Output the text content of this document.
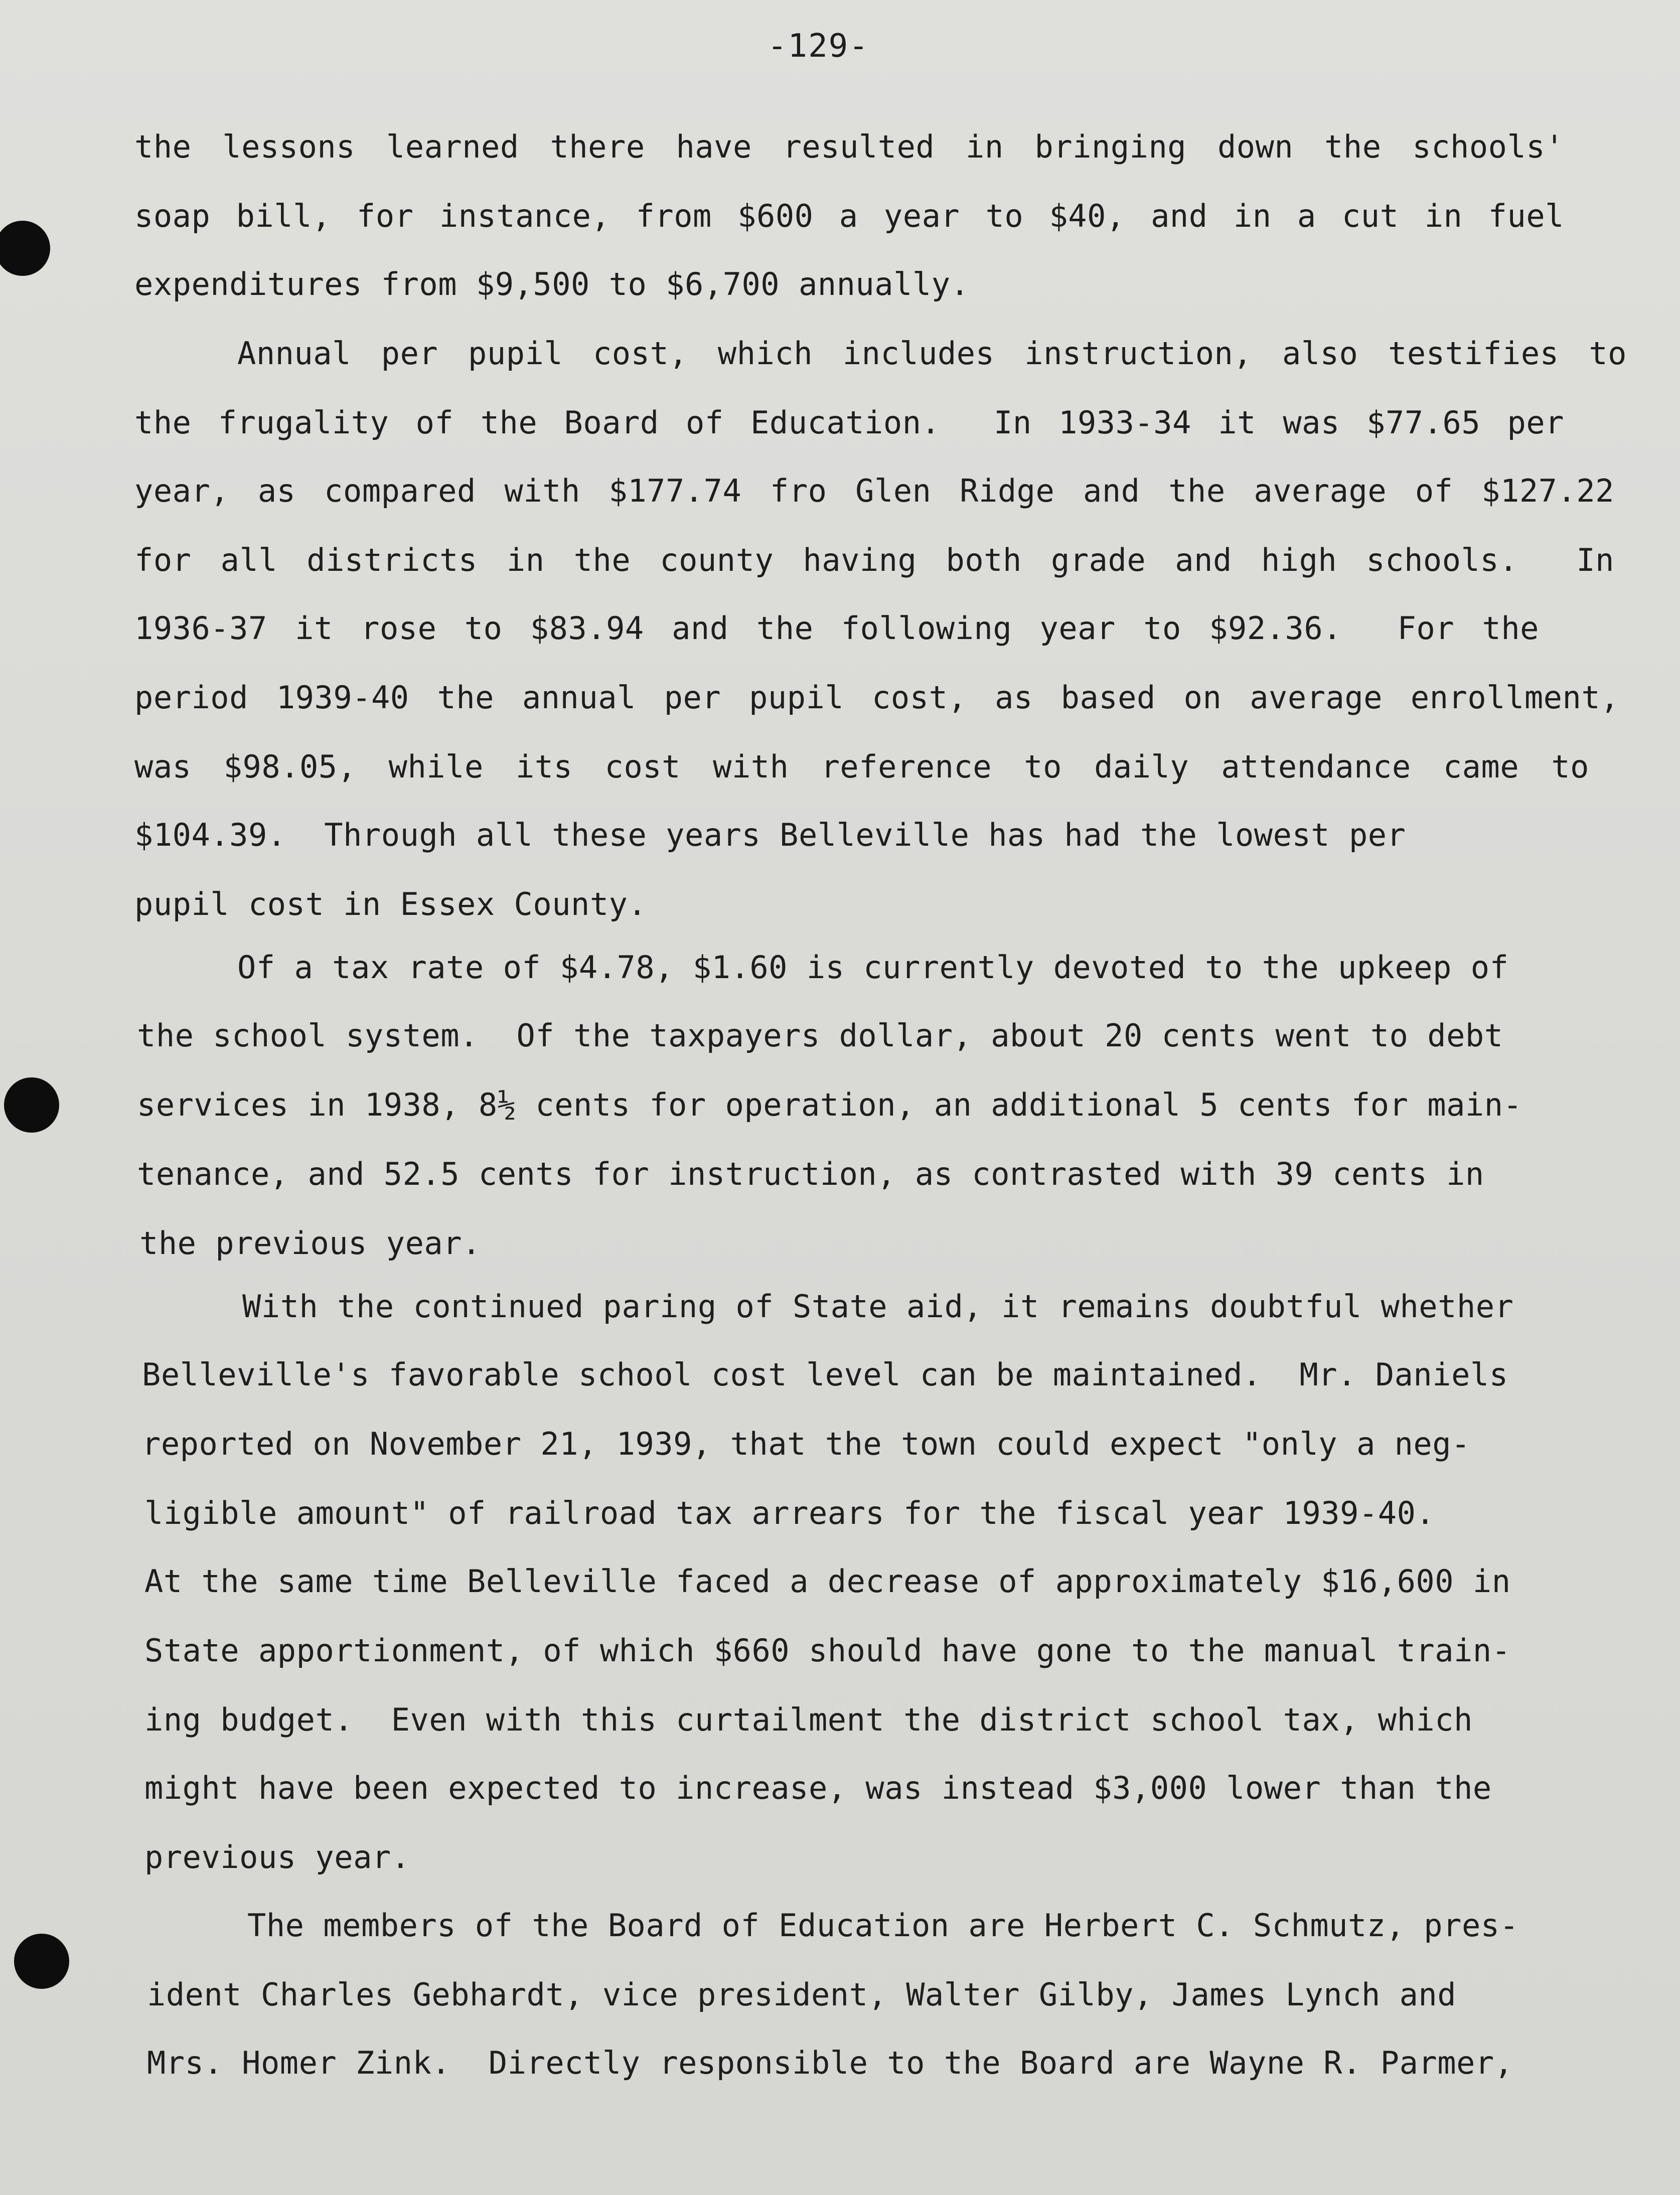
-129-
the lessons learned there have resulted in bringing down the schools'
soap bill, for instance, from $600 a year to $40, and in a cut in fuel
expenditures from $9,500 to $6,700 annually.
Annual per pupil cost, which includes instruction, also testifies to
the frugality of the Board of Education.  In 1933-34 it was $77.65 per
year, as compared with $177.74 fro Glen Ridge and the average of $127.22
for all districts in the county having both grade and high schools.  In
1936-37 it rose to $83.94 and the following year to $92.36.  For the
period 1939-40 the annual per pupil cost, as based on average enrollment,
was $98.05, while its cost with reference to daily attendance came to
$104.39.  Through all these years Belleville has had the lowest per
pupil cost in Essex County.
Of a tax rate of $4.78, $1.60 is currently devoted to the upkeep of
the school system.  Of the taxpayers dollar, about 20 cents went to debt
services in 1938, 8½ cents for operation, an additional 5 cents for main-
tenance, and 52.5 cents for instruction, as contrasted with 39 cents in
the previous year.
With the continued paring of State aid, it remains doubtful whether
Belleville's favorable school cost level can be maintained.  Mr. Daniels
reported on November 21, 1939, that the town could expect "only a neg-
ligible amount" of railroad tax arrears for the fiscal year 1939-40.
At the same time Belleville faced a decrease of approximately $16,600 in
State apportionment, of which $660 should have gone to the manual train-
ing budget.  Even with this curtailment the district school tax, which
might have been expected to increase, was instead $3,000 lower than the
previous year.
The members of the Board of Education are Herbert C. Schmutz, pres-
ident Charles Gebhardt, vice president, Walter Gilby, James Lynch and
Mrs. Homer Zink.  Directly responsible to the Board are Wayne R. Parmer,
